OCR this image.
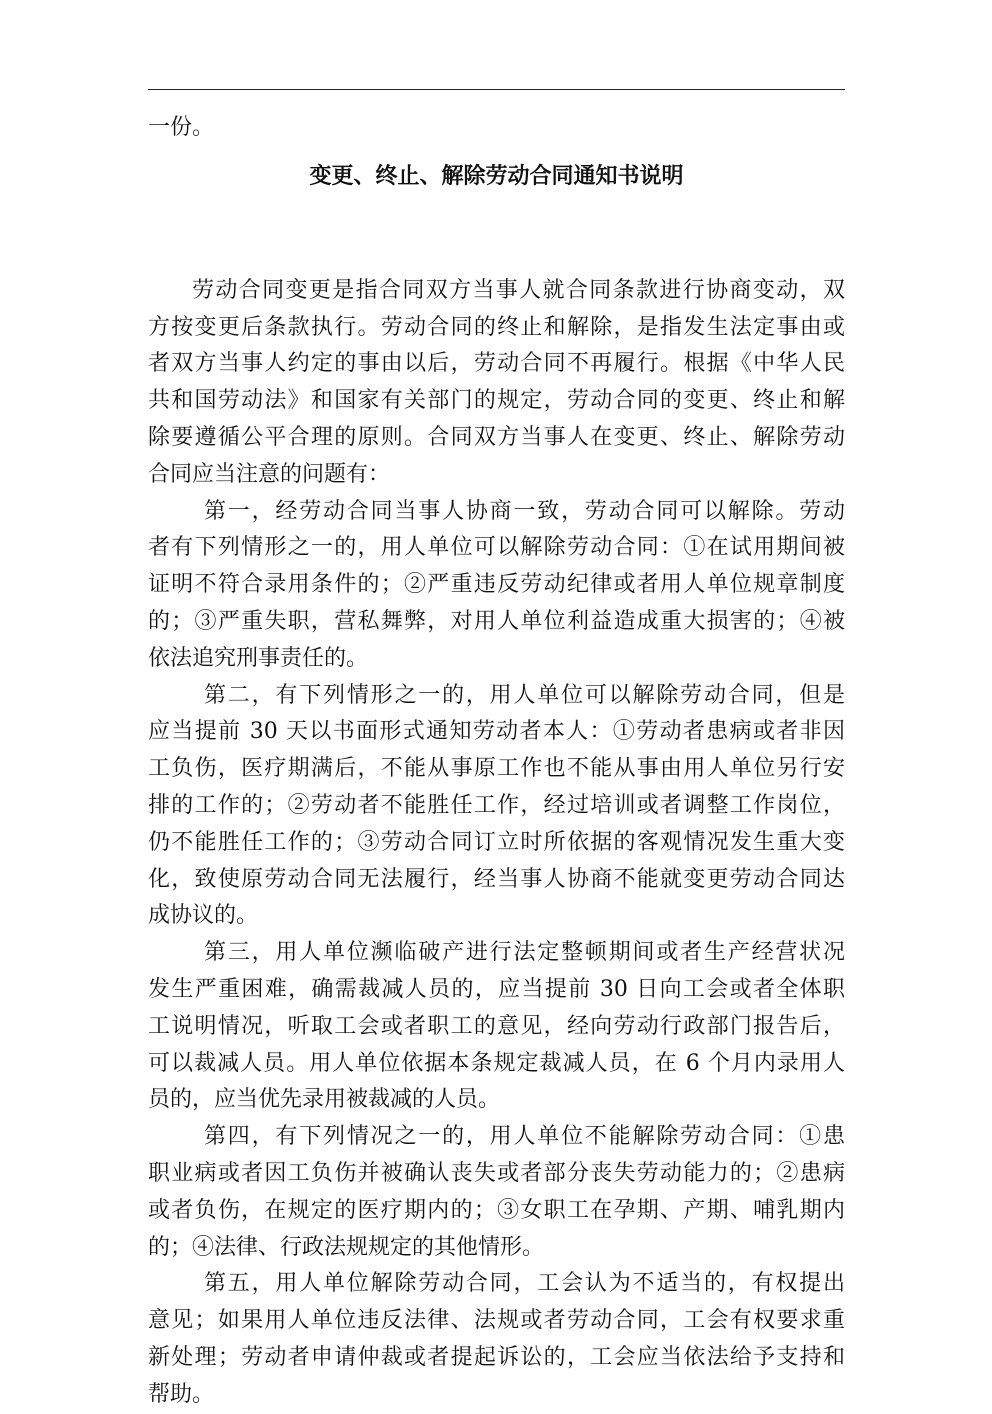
一份。
变更、终止、解除劳动合同通知书说明
劳动合同变更是指合同双方当事人就合同条款进行协商变动，双
方按变更后条款执行。劳动合同的终止和解除，是指发生法定事由或
者双方当事人约定的事由以后，劳动合同不再履行。根据《中华人民
共和国劳动法》和国家有关部门的规定，劳动合同的变更、终止和解
除要遵循公平合理的原则。合同双方当事人在变更、终止、解除劳动
合同应当注意的问题有：
第一，经劳动合同当事人协商一致，劳动合同可以解除。劳动
者有下列情形之一的，用人单位可以解除劳动合同：①在试用期间被
证明不符合录用条件的；②严重违反劳动纪律或者用人单位规章制度
的；③严重失职，营私舞弊，对用人单位利益造成重大损害的；④被
依法追究刑事责任的。
第二，有下列情形之一的，用人单位可以解除劳动合同，但是
应当提前 30 天以书面形式通知劳动者本人：①劳动者患病或者非因
工负伤，医疗期满后，不能从事原工作也不能从事由用人单位另行安
排的工作的；②劳动者不能胜任工作，经过培训或者调整工作岗位，
仍不能胜任工作的；③劳动合同订立时所依据的客观情况发生重大变
化，致使原劳动合同无法履行，经当事人协商不能就变更劳动合同达
成协议的。
第三，用人单位濒临破产进行法定整顿期间或者生产经营状况
发生严重困难，确需裁减人员的，应当提前 30 日向工会或者全体职
工说明情况，听取工会或者职工的意见，经向劳动行政部门报告后，
可以裁减人员。用人单位依据本条规定裁减人员，在 6 个月内录用人
员的，应当优先录用被裁减的人员。
第四，有下列情况之一的，用人单位不能解除劳动合同：①患
职业病或者因工负伤并被确认丧失或者部分丧失劳动能力的；②患病
或者负伤，在规定的医疗期内的；③女职工在孕期、产期、哺乳期内
的；④法律、行政法规规定的其他情形。
第五，用人单位解除劳动合同，工会认为不适当的，有权提出
意见；如果用人单位违反法律、法规或者劳动合同，工会有权要求重
新处理；劳动者申请仲裁或者提起诉讼的，工会应当依法给予支持和
帮助。
